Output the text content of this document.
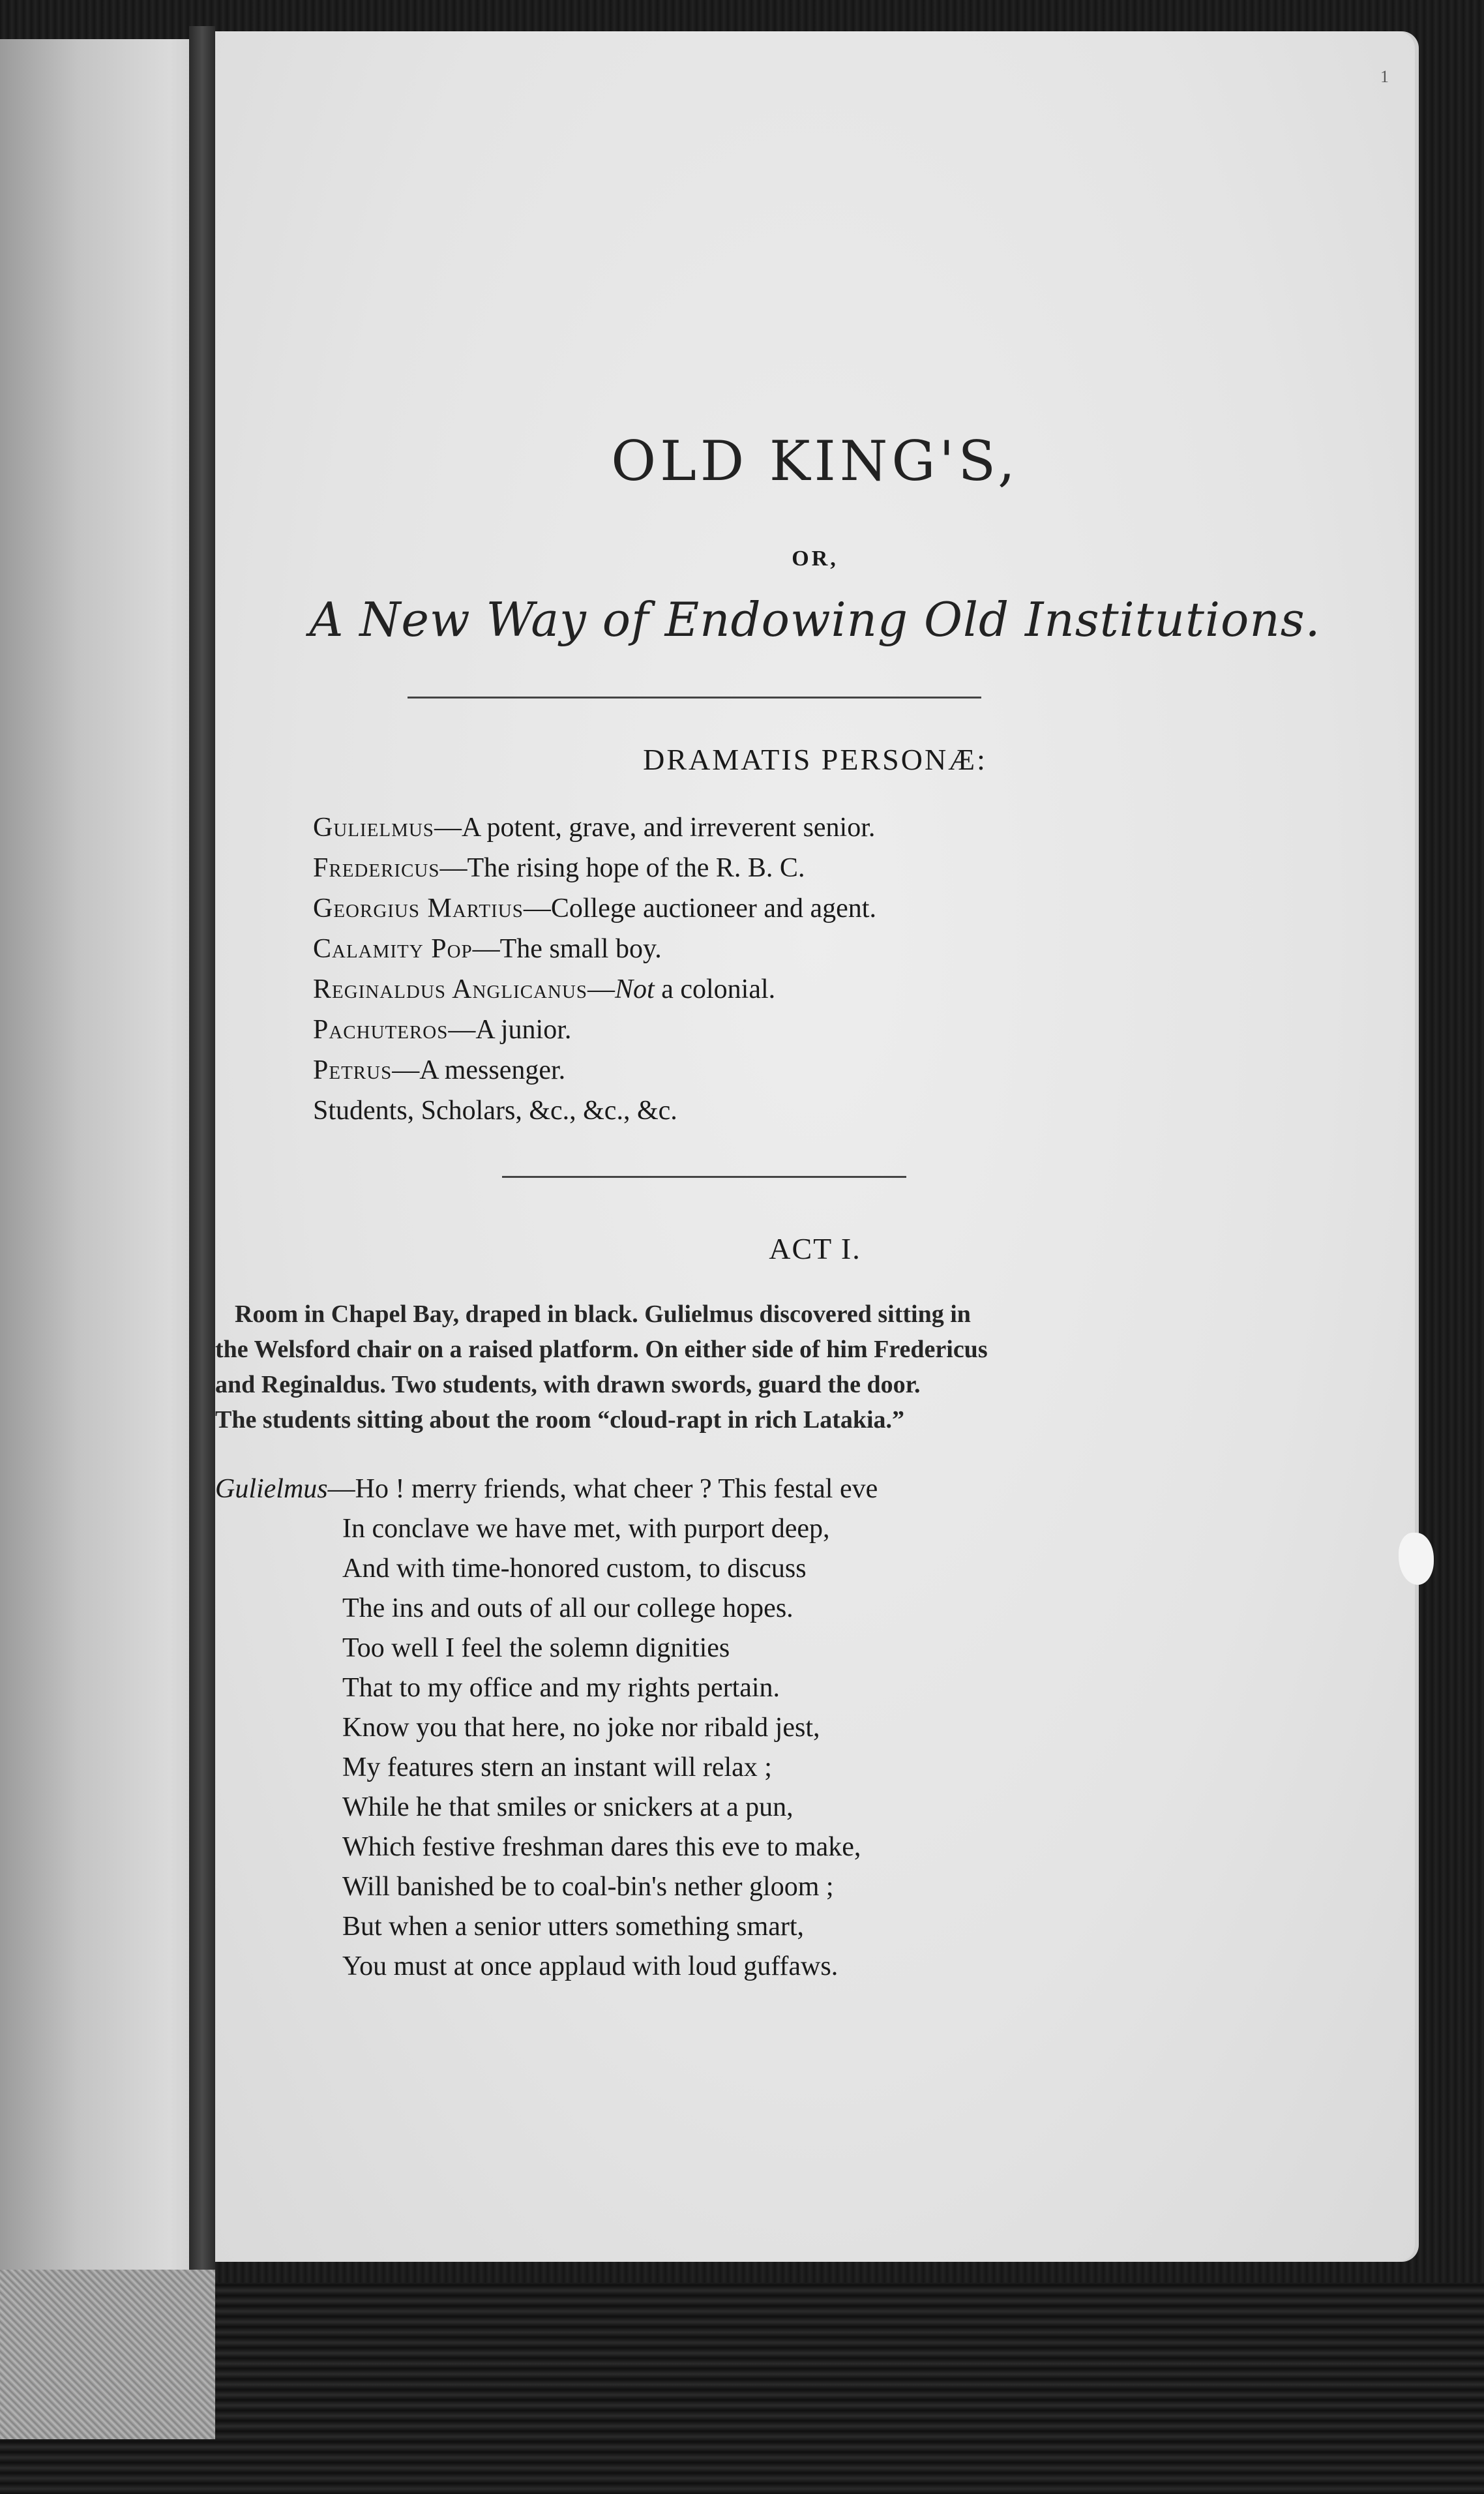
1
OLD KING'S,
OR,
A New Way of Endowing Old Institutions.
DRAMATIS PERSONÆ:
Gulielmus—A potent, grave, and irreverent senior.
Fredericus—The rising hope of the R. B. C.
Georgius Martius—College auctioneer and agent.
Calamity Pop—The small boy.
Reginaldus Anglicanus—Not a colonial.
Pachuteros—A junior.
Petrus—A messenger.
Students, Scholars, &c., &c., &c.
ACT I.
Room in Chapel Bay, draped in black. Gulielmus discovered sitting in
the Welsford chair on a raised platform. On either side of him Fredericus
and Reginaldus. Two students, with drawn swords, guard the door.
The students sitting about the room “cloud-rapt in rich Latakia.”
Gulielmus—Ho ! merry friends, what cheer ? This festal eve
In conclave we have met, with purport deep,
And with time-honored custom, to discuss
The ins and outs of all our college hopes.
Too well I feel the solemn dignities
That to my office and my rights pertain.
Know you that here, no joke nor ribald jest,
My features stern an instant will relax ;
While he that smiles or snickers at a pun,
Which festive freshman dares this eve to make,
Will banished be to coal-bin's nether gloom ;
But when a senior utters something smart,
You must at once applaud with loud guffaws.
